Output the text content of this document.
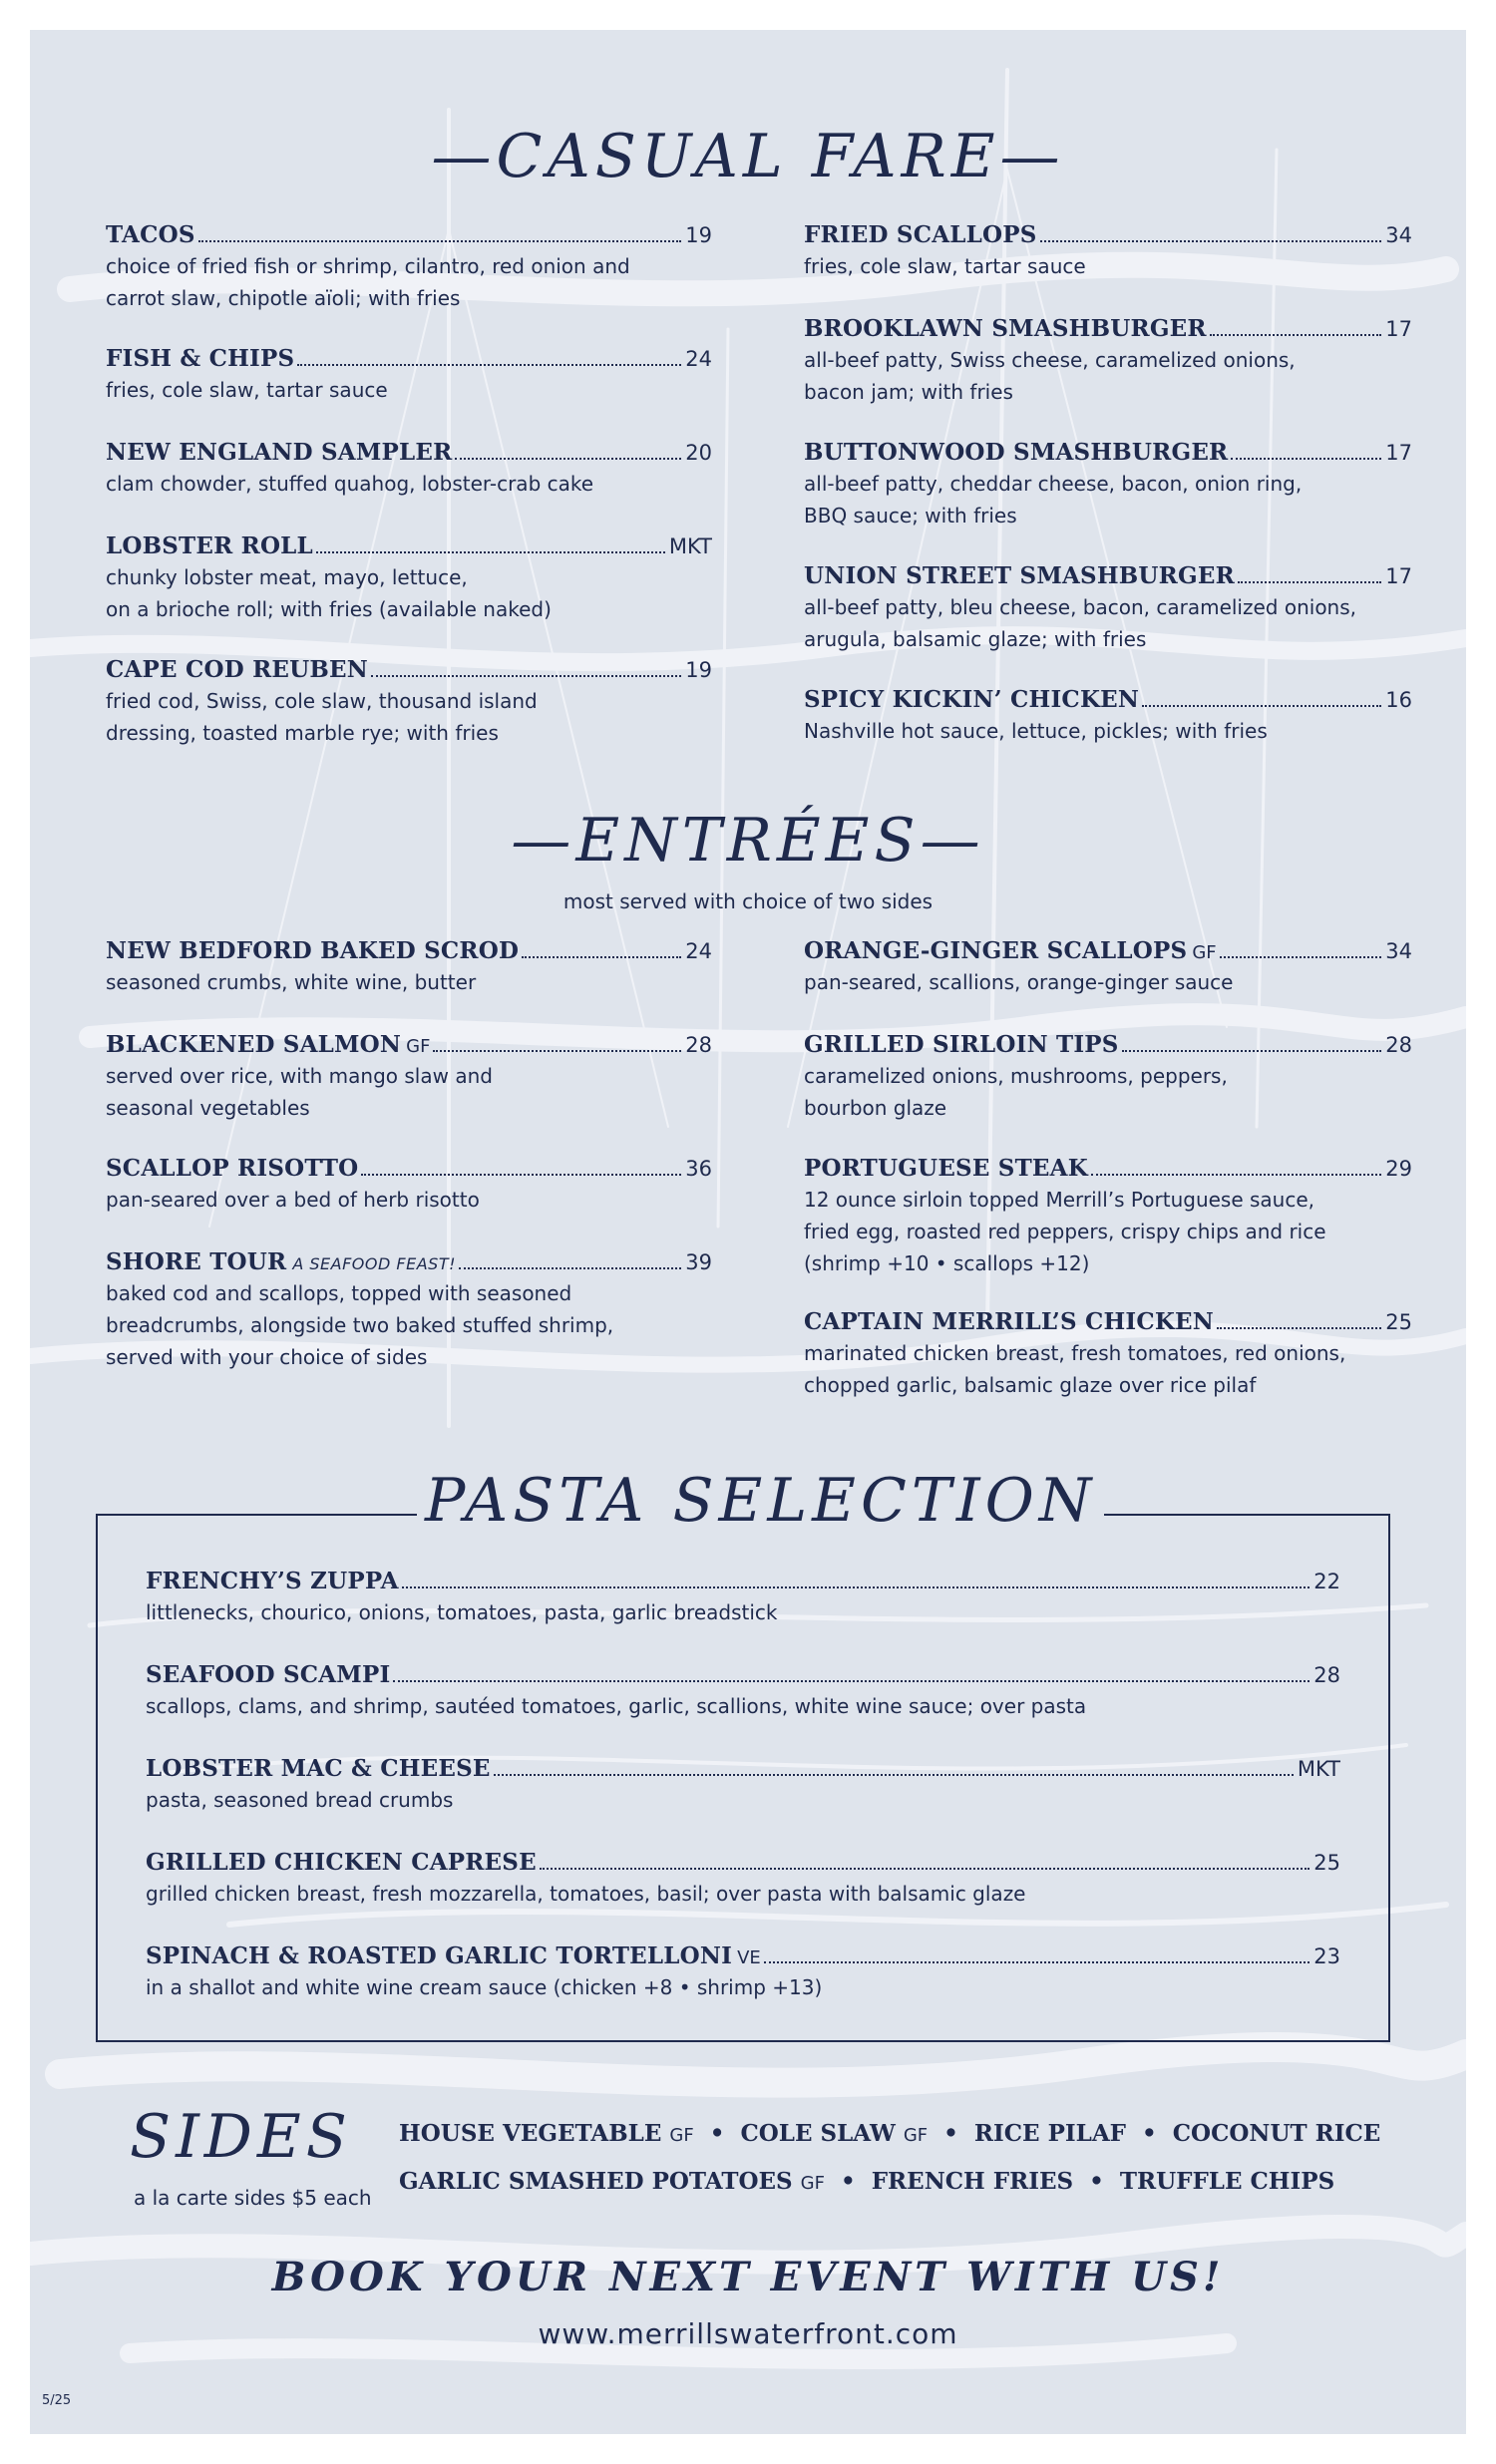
—CASUAL FARE—
TACOS	19
choice of fried fish or shrimp, cilantro, red onion and
carrot slaw, chipotle aïoli; with fries
FISH & CHIPS	24
fries, cole slaw, tartar sauce
NEW ENGLAND SAMPLER	20
clam chowder, stuffed quahog, lobster-crab cake
LOBSTER ROLL	MKT
chunky lobster meat, mayo, lettuce,
on a brioche roll; with fries (available naked)
CAPE COD REUBEN	19
fried cod, Swiss, cole slaw, thousand island
dressing, toasted marble rye; with fries
FRIED SCALLOPS	34
fries, cole slaw, tartar sauce
BROOKLAWN SMASHBURGER	17
all-beef patty, Swiss cheese, caramelized onions,
bacon jam; with fries
BUTTONWOOD SMASHBURGER	17
all-beef patty, cheddar cheese, bacon, onion ring,
BBQ sauce; with fries
UNION STREET SMASHBURGER	17
all-beef patty, bleu cheese, bacon, caramelized onions,
arugula, balsamic glaze; with fries
SPICY KICKIN’ CHICKEN	16
Nashville hot sauce, lettuce, pickles; with fries
—ENTRÉES—
most served with choice of two sides
NEW BEDFORD BAKED SCROD	24
seasoned crumbs, white wine, butter
BLACKENED SALMON GF	28
served over rice, with mango slaw and
seasonal vegetables
SCALLOP RISOTTO	36
pan-seared over a bed of herb risotto
SHORE TOUR A SEAFOOD FEAST!	39
baked cod and scallops, topped with seasoned
breadcrumbs, alongside two baked stuffed shrimp,
served with your choice of sides
ORANGE-GINGER SCALLOPS GF	34
pan-seared, scallions, orange-ginger sauce
GRILLED SIRLOIN TIPS	28
caramelized onions, mushrooms, peppers,
bourbon glaze
PORTUGUESE STEAK	29
12 ounce sirloin topped Merrill’s Portuguese sauce,
fried egg, roasted red peppers, crispy chips and rice
(shrimp +10 • scallops +12)
CAPTAIN MERRILL’S CHICKEN	25
marinated chicken breast, fresh tomatoes, red onions,
chopped garlic, balsamic glaze over rice pilaf
PASTA SELECTION
FRENCHY’S ZUPPA	22
littlenecks, chourico, onions, tomatoes, pasta, garlic breadstick
SEAFOOD SCAMPI	28
scallops, clams, and shrimp, sautéed tomatoes, garlic, scallions, white wine sauce; over pasta
LOBSTER MAC & CHEESE	MKT
pasta, seasoned bread crumbs
GRILLED CHICKEN CAPRESE	25
grilled chicken breast, fresh mozzarella, tomatoes, basil; over pasta with balsamic glaze
SPINACH & ROASTED GARLIC TORTELLONI VE	23
in a shallot and white wine cream sauce (chicken +8 • shrimp +13)
SIDES
a la carte sides $5 each
HOUSE VEGETABLE GF • COLE SLAW GF • RICE PILAF • COCONUT RICE
GARLIC SMASHED POTATOES GF • FRENCH FRIES • TRUFFLE CHIPS
BOOK YOUR NEXT EVENT WITH US!
www.merrillswaterfront.com
5/25
